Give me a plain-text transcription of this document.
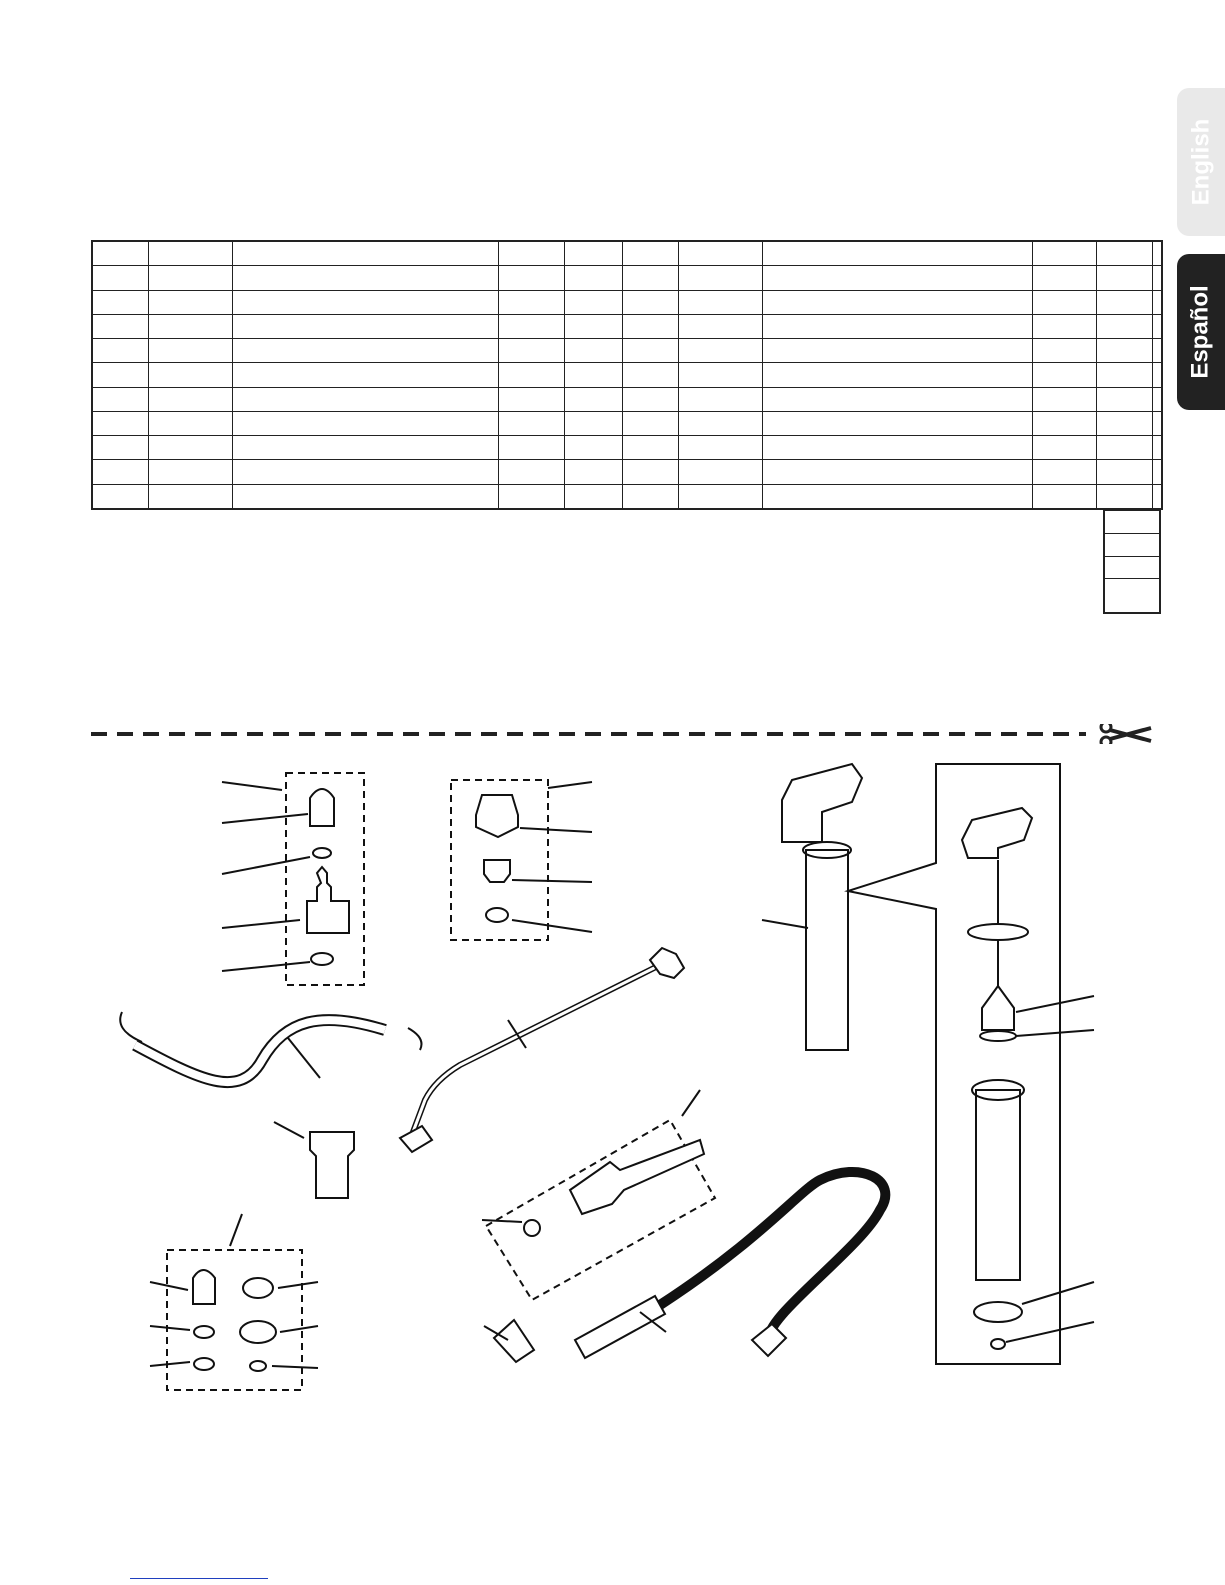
English
Español
